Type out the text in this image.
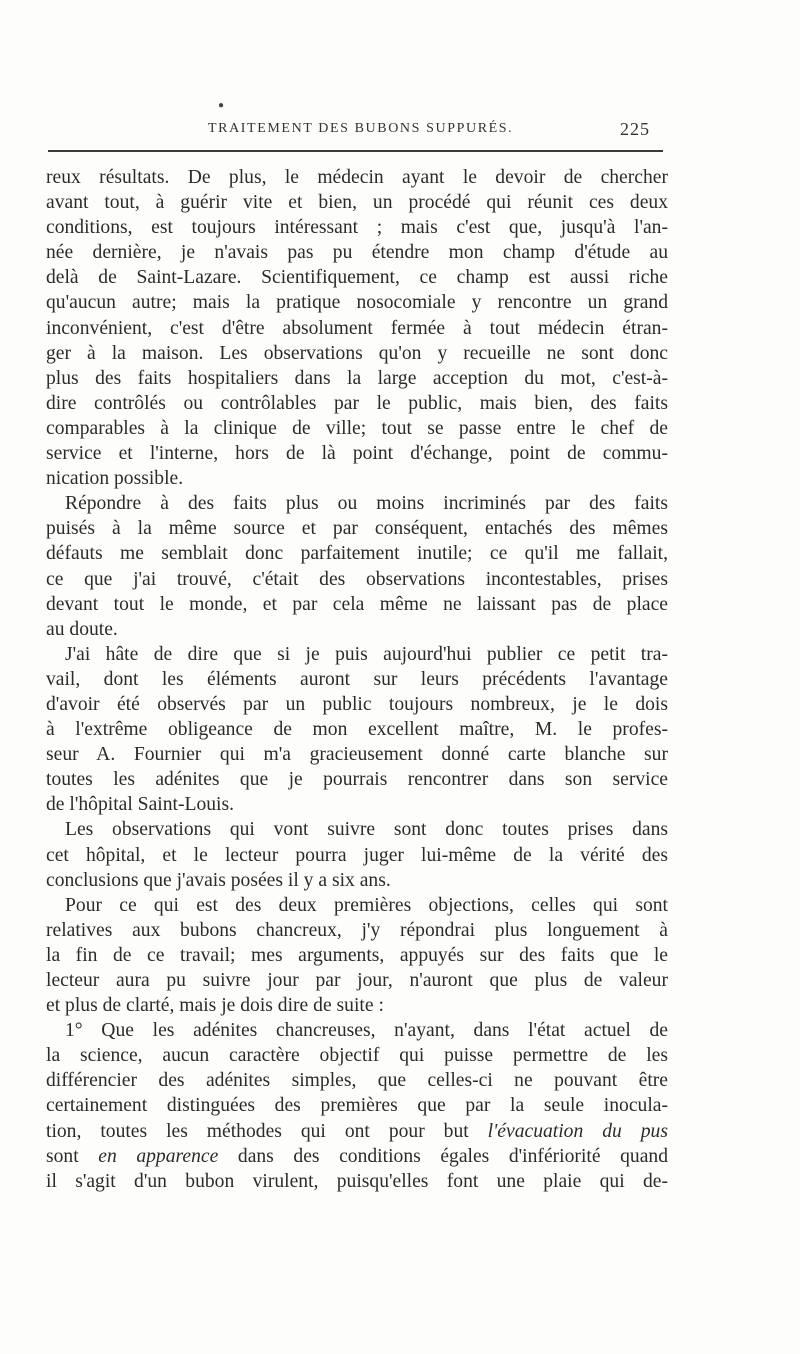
●
TRAITEMENT DES BUBONS SUPPURÉS.	225
reux résultats. De plus, le médecin ayant le devoir de chercher
avant tout, à guérir vite et bien, un procédé qui réunit ces deux
conditions, est toujours intéressant ; mais c'est que, jusqu'à l'an-
née dernière, je n'avais pas pu étendre mon champ d'étude au
delà de Saint-Lazare. Scientifiquement, ce champ est aussi riche
qu'aucun autre; mais la pratique nosocomiale y rencontre un grand
inconvénient, c'est d'être absolument fermée à tout médecin étran-
ger à la maison. Les observations qu'on y recueille ne sont donc
plus des faits hospitaliers dans la large acception du mot, c'est-à-
dire contrôlés ou contrôlables par le public, mais bien, des faits
comparables à la clinique de ville; tout se passe entre le chef de
service et l'interne, hors de là point d'échange, point de commu-
nication possible.
Répondre à des faits plus ou moins incriminés par des faits
puisés à la même source et par conséquent, entachés des mêmes
défauts me semblait donc parfaitement inutile; ce qu'il me fallait,
ce que j'ai trouvé, c'était des observations incontestables, prises
devant tout le monde, et par cela même ne laissant pas de place
au doute.
J'ai hâte de dire que si je puis aujourd'hui publier ce petit tra-
vail, dont les éléments auront sur leurs précédents l'avantage
d'avoir été observés par un public toujours nombreux, je le dois
à l'extrême obligeance de mon excellent maître, M. le profes-
seur A. Fournier qui m'a gracieusement donné carte blanche sur
toutes les adénites que je pourrais rencontrer dans son service
de l'hôpital Saint-Louis.
Les observations qui vont suivre sont donc toutes prises dans
cet hôpital, et le lecteur pourra juger lui-même de la vérité des
conclusions que j'avais posées il y a six ans.
Pour ce qui est des deux premières objections, celles qui sont
relatives aux bubons chancreux, j'y répondrai plus longuement à
la fin de ce travail; mes arguments, appuyés sur des faits que le
lecteur aura pu suivre jour par jour, n'auront que plus de valeur
et plus de clarté, mais je dois dire de suite :
1° Que les adénites chancreuses, n'ayant, dans l'état actuel de
la science, aucun caractère objectif qui puisse permettre de les
différencier des adénites simples, que celles-ci ne pouvant être
certainement distinguées des premières que par la seule inocula-
tion, toutes les méthodes qui ont pour but l'évacuation du pus
sont en apparence dans des conditions égales d'infériorité quand
il s'agit d'un bubon virulent, puisqu'elles font une plaie qui de-
